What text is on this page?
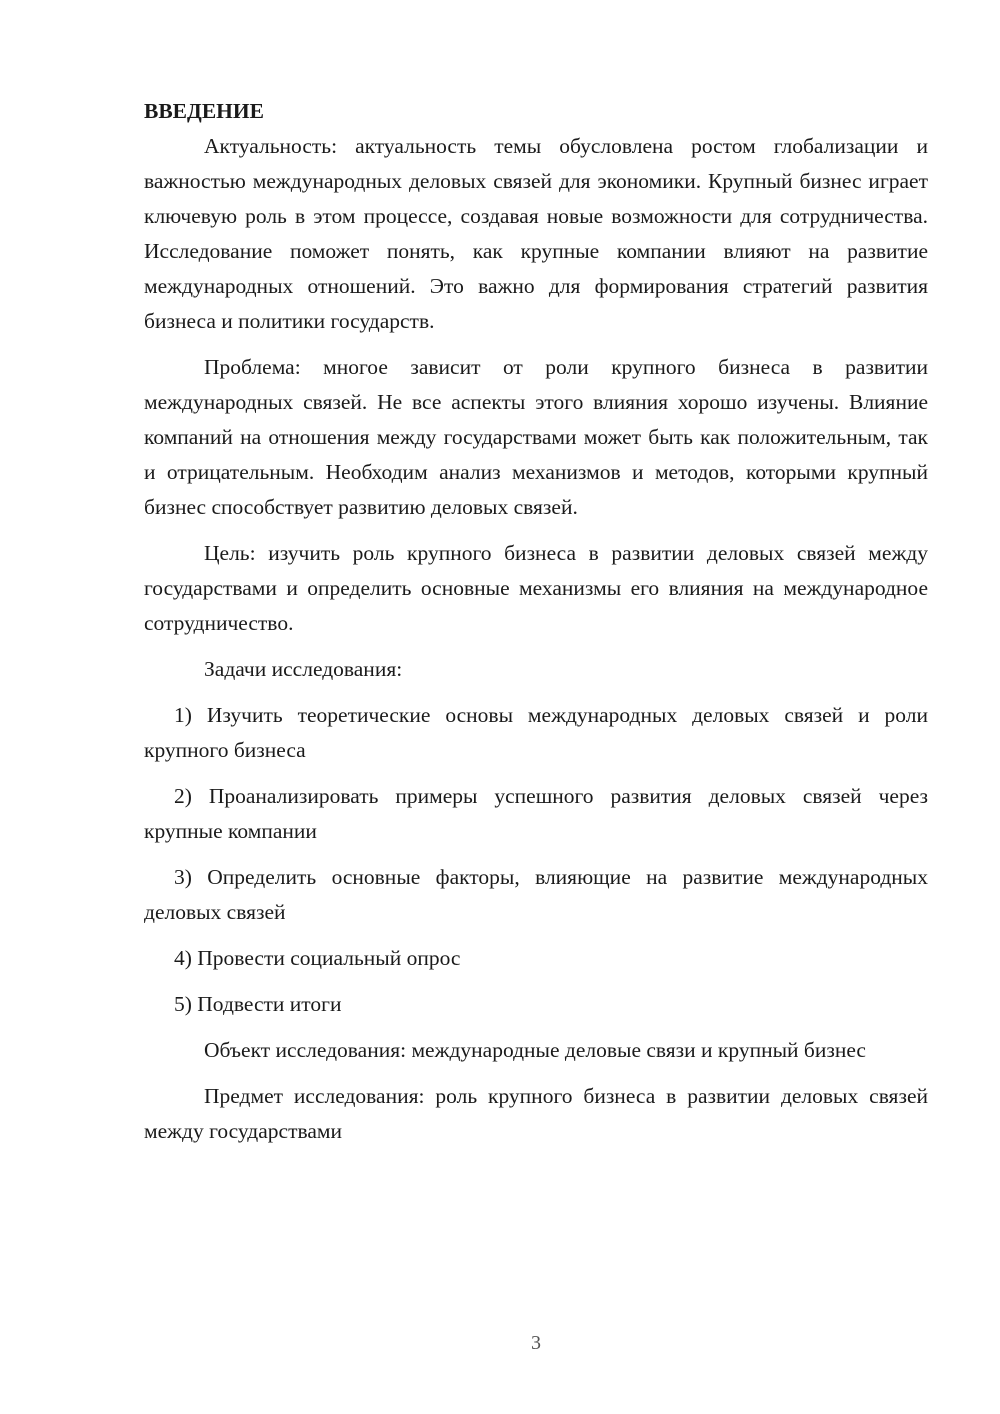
ВВЕДЕНИЕ

Актуальность: актуальность темы обусловлена ростом глобализации и важностью международных деловых связей для экономики. Крупный бизнес играет ключевую роль в этом процессе, создавая новые возможности для сотрудничества. Исследование поможет понять, как крупные компании влияют на развитие международных отношений. Это важно для формирования стратегий развития бизнеса и политики государств.

Проблема: многое зависит от роли крупного бизнеса в развитии международных связей. Не все аспекты этого влияния хорошо изучены. Влияние компаний на отношения между государствами может быть как положительным, так и отрицательным. Необходим анализ механизмов и методов, которыми крупный бизнес способствует развитию деловых связей.

Цель: изучить роль крупного бизнеса в развитии деловых связей между государствами и определить основные механизмы его влияния на международное сотрудничество.

Задачи исследования:

1) Изучить теоретические основы международных деловых связей и роли крупного бизнеса

2) Проанализировать примеры успешного развития деловых связей через крупные компании

3) Определить основные факторы, влияющие на развитие международных деловых связей

4) Провести социальный опрос

5) Подвести итоги

Объект исследования: международные деловые связи и крупный бизнес

Предмет исследования: роль крупного бизнеса в развитии деловых связей между государствами

3
